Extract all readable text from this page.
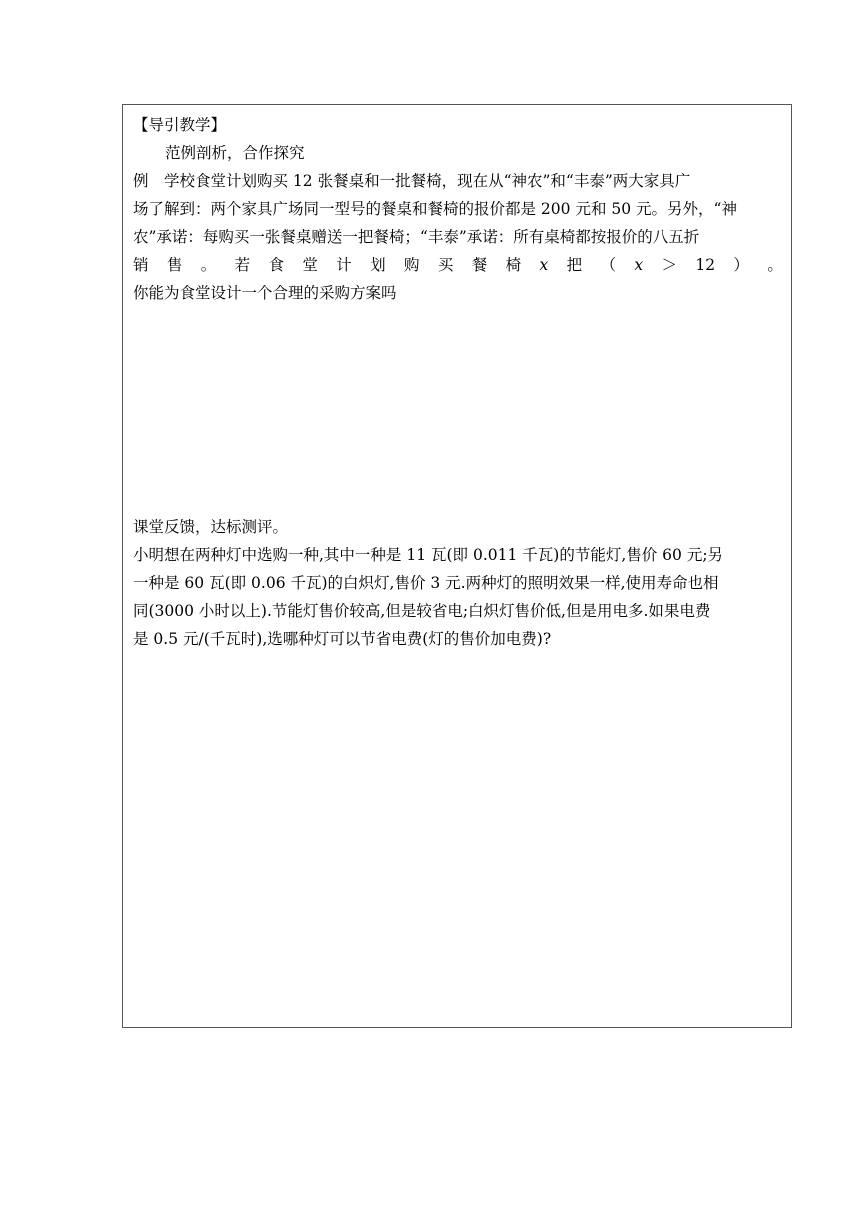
【导引教学】
范例剖析，合作探究
例　学校食堂计划购买 12 张餐桌和一批餐椅，现在从“神农”和“丰泰”两大家具广
场了解到：两个家具广场同一型号的餐桌和餐椅的报价都是 200 元和 50 元。另外，“神
农”承诺：每购买一张餐桌赠送一把餐椅；“丰泰”承诺：所有桌椅都按报价的八五折
销 售 。 若 食 堂 计 划 购 买 餐 椅 x 把 （ x ＞ 12 ） 。
你能为食堂设计一个合理的采购方案吗
课堂反馈，达标测评。
小明想在两种灯中选购一种,其中一种是 11 瓦(即 0.011 千瓦)的节能灯,售价 60 元;另
一种是 60 瓦(即 0.06 千瓦)的白炽灯,售价 3 元.两种灯的照明效果一样,使用寿命也相
同(3000 小时以上).节能灯售价较高,但是较省电;白炽灯售价低,但是用电多.如果电费
是 0.5 元/(千瓦时),选哪种灯可以节省电费(灯的售价加电费)?
